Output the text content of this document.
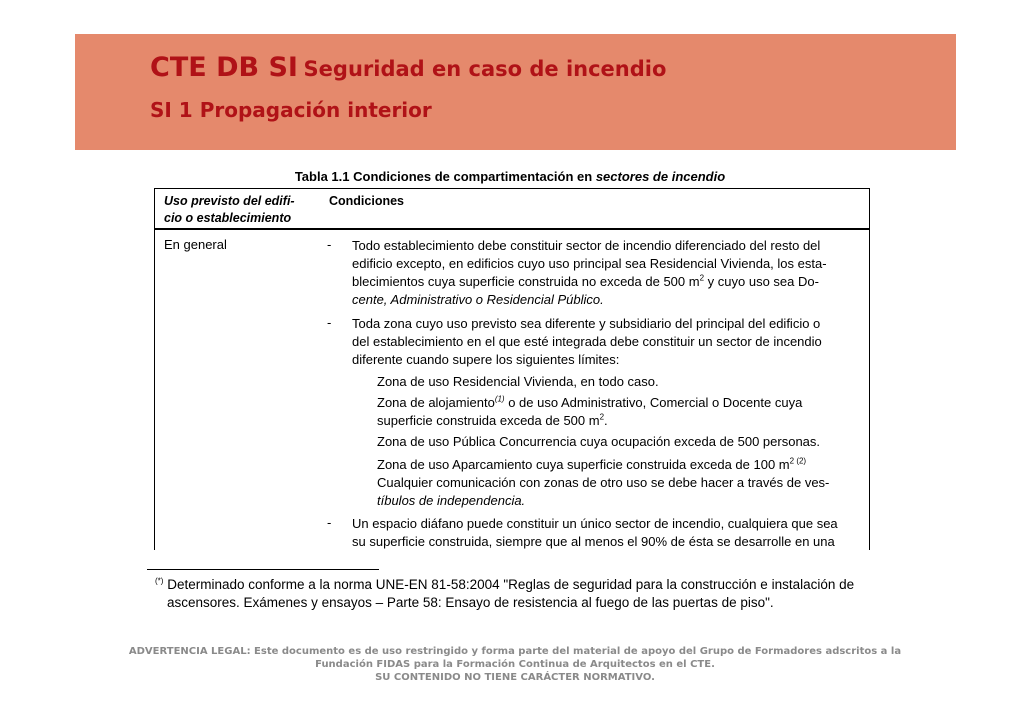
CTE DB SI Seguridad en caso de incendio
SI 1 Propagación interior
Tabla 1.1 Condiciones de compartimentación en sectores de incendio
Uso previsto del edifi-
cio o establecimiento
Condiciones
En general	- Todo establecimiento debe constituir sector de incendio diferenciado del resto del
edificio excepto, en edificios cuyo uso principal sea Residencial Vivienda, los esta-
blecimientos cuya superficie construida no exceda de 500 $m^2$ y cuyo uso sea Do-
cente, Administrativo o Residencial Público.
- Toda zona cuyo uso previsto sea diferente y subsidiario del principal del edificio o
del establecimiento en el que esté integrada debe constituir un sector de incendio
diferente cuando supere los siguientes límites:
Zona de uso Residencial Vivienda, en todo caso.
Zona de alojamiento$^{(1)}$ o de uso Administrativo, Comercial o Docente cuya
superficie construida exceda de 500 $m^2$.
Zona de uso Pública Concurrencia cuya ocupación exceda de 500 personas.
Zona de uso Aparcamiento cuya superficie construida exceda de 100 $m^{2 (2)}$
Cualquier comunicación con zonas de otro uso se debe hacer a través de ves-
tíbulos de independencia.
- Un espacio diáfano puede constituir un único sector de incendio, cualquiera que sea
su superficie construida, siempre que al menos el 90% de ésta se desarrolle en una
(*) Determinado conforme a la norma UNE-EN 81-58:2004 "Reglas de seguridad para la construcción e instalación de
ascensores. Exámenes y ensayos – Parte 58: Ensayo de resistencia al fuego de las puertas de piso".
ADVERTENCIA LEGAL: Este documento es de uso restringido y forma parte del material de apoyo del Grupo de Formadores adscritos a la
Fundación FIDAS para la Formación Continua de Arquitectos en el CTE.
SU CONTENIDO NO TIENE CARÁCTER NORMATIVO.
